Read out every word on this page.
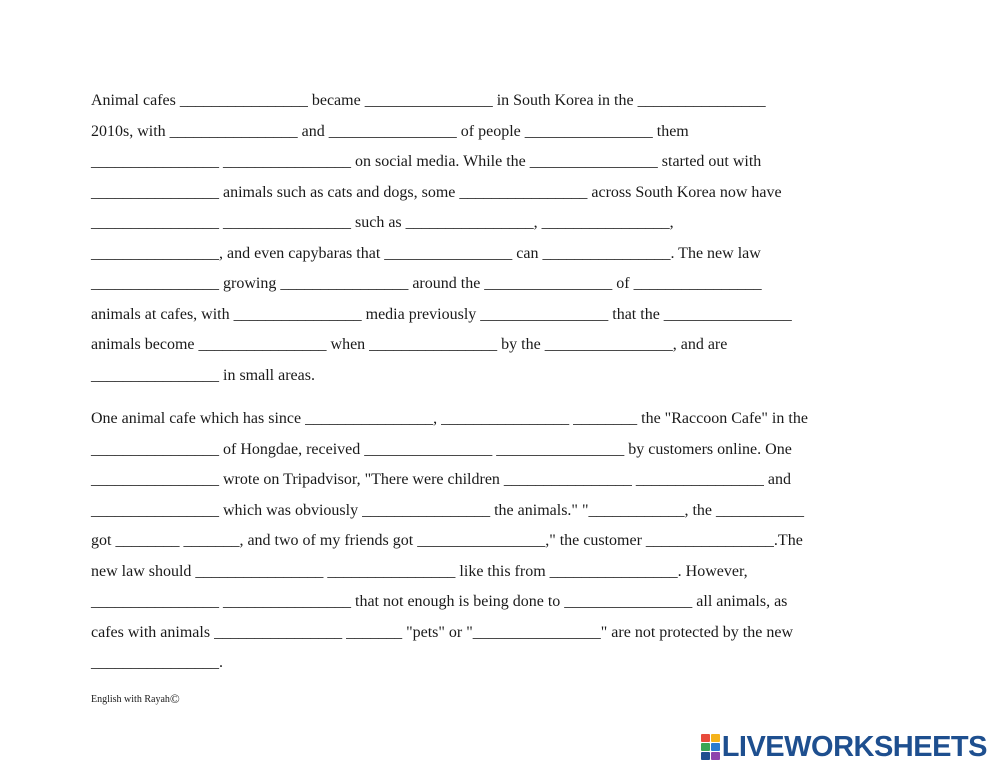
Animal cafes ________________ became ________________ in South Korea in the ________________
2010s, with ________________ and ________________ of people ________________ them
________________ ________________ on social media. While the ________________ started out with
________________ animals such as cats and dogs, some ________________ across South Korea now have
________________ ________________ such as ________________, ________________,
________________, and even capybaras that ________________ can ________________. The new law
________________ growing ________________ around the ________________ of ________________
animals at cafes, with ________________ media previously ________________ that the ________________
animals become ________________ when ________________ by the ________________, and are
________________ in small areas.
One animal cafe which has since ________________, ________________ ________ the "Raccoon Cafe" in the
________________ of Hongdae, received ________________ ________________ by customers online. One
________________ wrote on Tripadvisor, "There were children ________________ ________________ and
________________ which was obviously ________________ the animals." "____________, the ___________
got ________ _______, and two of my friends got ________________," the customer ________________.The
new law should ________________ ________________ like this from ________________. However,
________________ ________________ that not enough is being done to ________________ all animals, as
cafes with animals ________________ _______ "pets" or "________________" are not protected by the new
________________.
English with Rayah©
LIVEWORKSHEETS
